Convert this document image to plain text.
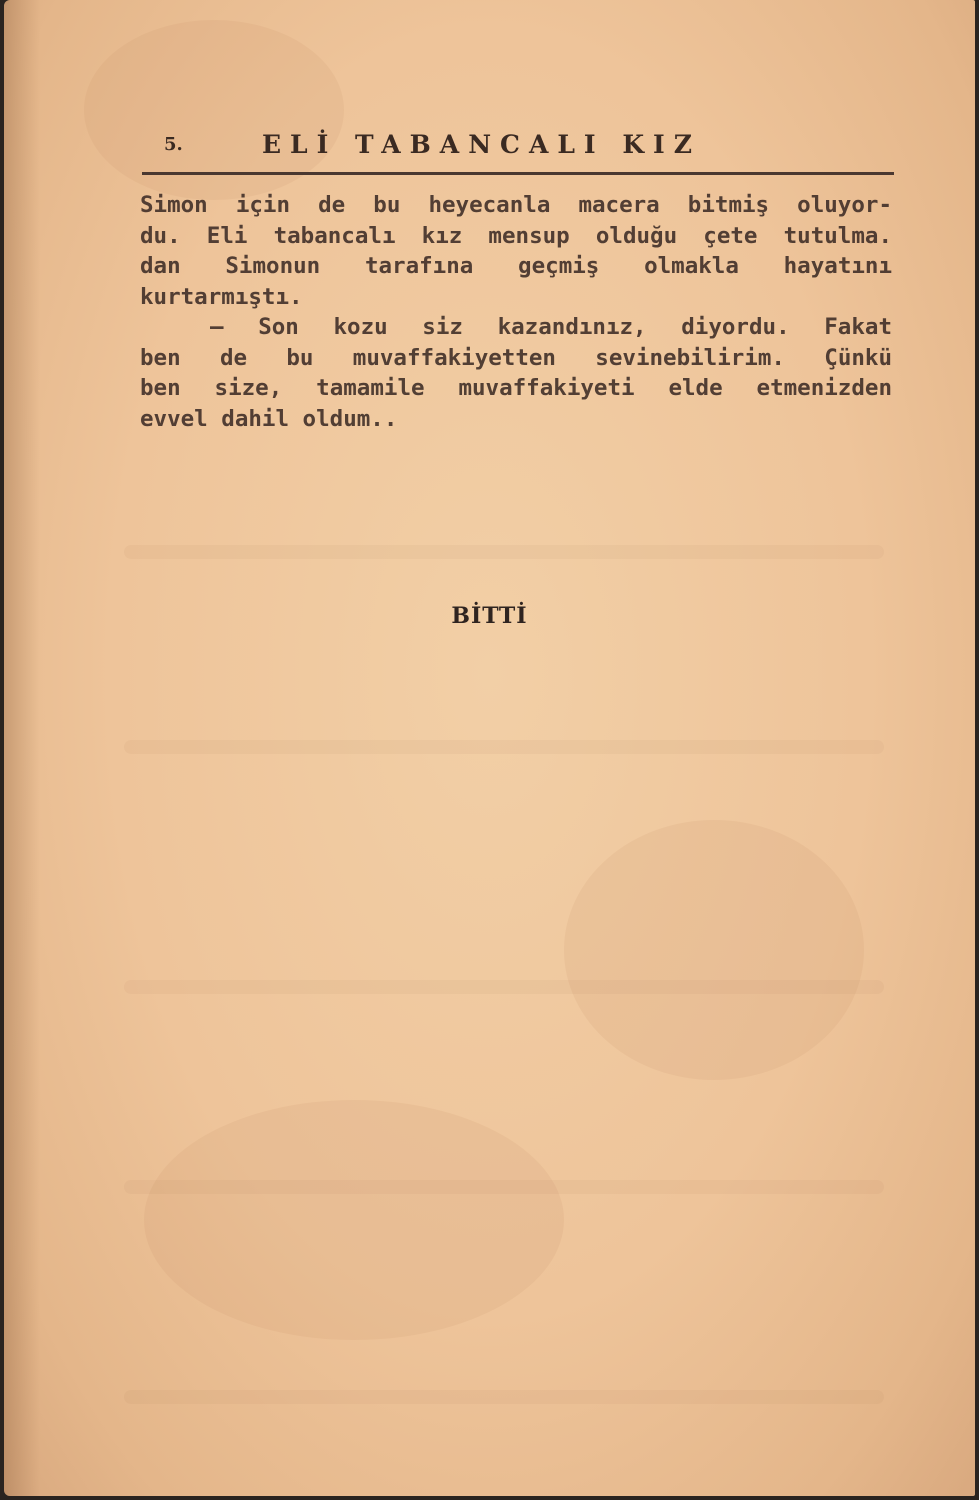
5.	ELİ TABANCALI KIZ
Simon için de bu heyecanla macera bitmiş oluyor-
du. Eli tabancalı kız mensup olduğu çete tutulma.
dan Simonun tarafına geçmiş olmakla hayatını
kurtarmıştı.
— Son kozu siz kazandınız, diyordu. Fakat
ben de bu muvaffakiyetten sevinebilirim. Çünkü
ben size, tamamile muvaffakiyeti elde etmenizden
evvel dahil oldum..
BİTTİ
